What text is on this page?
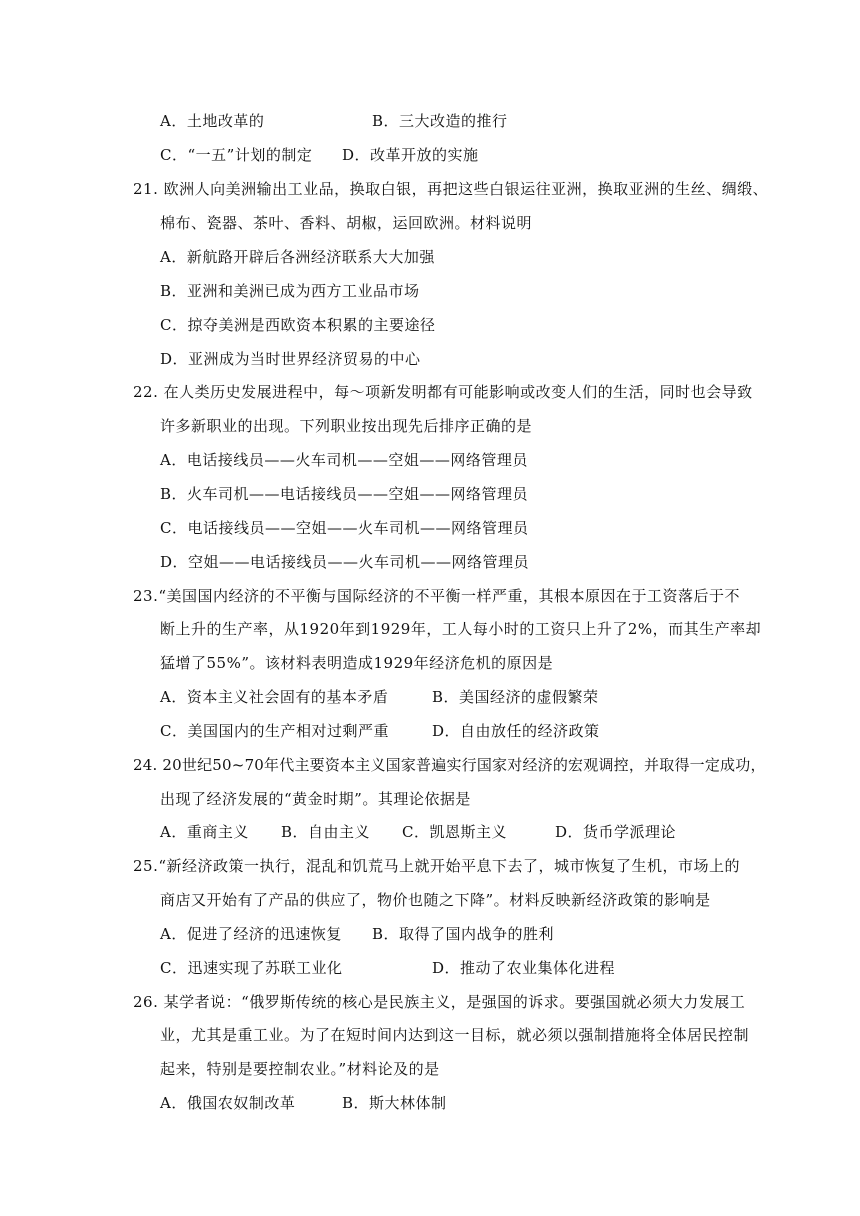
A．土地改革的	B．三大改造的推行
C．“一五”计划的制定 D．改革开放的实施
21. 欧洲人向美洲输出工业品，换取白银，再把这些白银运往亚洲，换取亚洲的生丝、绸缎、
棉布、瓷器、茶叶、香料、胡椒，运回欧洲。材料说明
A．新航路开辟后各洲经济联系大大加强
B．亚洲和美洲已成为西方工业品市场
C．掠夺美洲是西欧资本积累的主要途径
D．亚洲成为当时世界经济贸易的中心
22. 在人类历史发展进程中，每～项新发明都有可能影响或改变人们的生活，同时也会导致
许多新职业的出现。下列职业按出现先后排序正确的是
A．电话接线员——火车司机——空姐——网络管理员
B．火车司机——电话接线员——空姐——网络管理员
C．电话接线员——空姐——火车司机——网络管理员
D．空姐——电话接线员——火车司机——网络管理员
23.“美国国内经济的不平衡与国际经济的不平衡一样严重，其根本原因在于工资落后于不
断上升的生产率，从1920年到1929年，工人每小时的工资只上升了2%，而其生产率却
猛增了55%”。该材料表明造成1929年经济危机的原因是
A．资本主义社会固有的基本矛盾	B．美国经济的虚假繁荣
C．美国国内的生产相对过剩严重	D．自由放任的经济政策
24. 20世纪50~70年代主要资本主义国家普遍实行国家对经济的宏观调控，并取得一定成功，
出现了经济发展的“黄金时期”。其理论依据是
A．重商主义 B．自由主义 C．凯恩斯主义	D．货币学派理论
25.“新经济政策一执行，混乱和饥荒马上就开始平息下去了，城市恢复了生机，市场上的
商店又开始有了产品的供应了，物价也随之下降”。材料反映新经济政策的影响是
A．促进了经济的迅速恢复 B．取得了国内战争的胜利
C．迅速实现了苏联工业化	D．推动了农业集体化进程
26. 某学者说：“俄罗斯传统的核心是民族主义，是强国的诉求。要强国就必须大力发展工
业，尤其是重工业。为了在短时间内达到这一目标，就必须以强制措施将全体居民控制
起来，特别是要控制农业。”材料论及的是
A．俄国农奴制改革	B．斯大林体制
